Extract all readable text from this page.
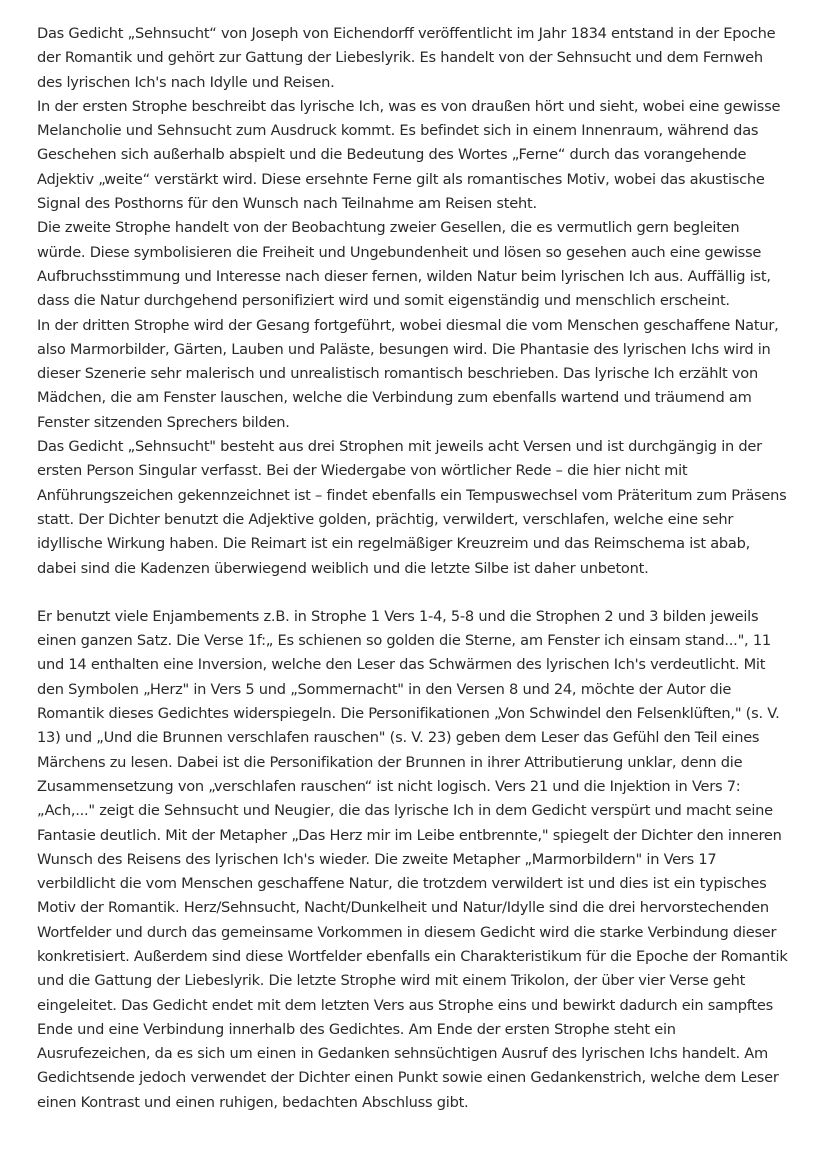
Das Gedicht „Sehnsucht“ von Joseph von Eichendorff veröffentlicht im Jahr 1834 entstand in der Epoche der Romantik und gehört zur Gattung der Liebeslyrik. Es handelt von der Sehnsucht und dem Fernweh des lyrischen Ich's nach Idylle und Reisen.

In der ersten Strophe beschreibt das lyrische Ich, was es von draußen hört und sieht, wobei eine gewisse Melancholie und Sehnsucht zum Ausdruck kommt. Es befindet sich in einem Innenraum, während das Geschehen sich außerhalb abspielt und die Bedeutung des Wortes „Ferne“ durch das vorangehende Adjektiv „weite“ verstärkt wird. Diese ersehnte Ferne gilt als romantisches Motiv, wobei das akustische Signal des Posthorns für den Wunsch nach Teilnahme am Reisen steht.

Die zweite Strophe handelt von der Beobachtung zweier Gesellen, die es vermutlich gern begleiten würde. Diese symbolisieren die Freiheit und Ungebundenheit und lösen so gesehen auch eine gewisse Aufbruchsstimmung und Interesse nach dieser fernen, wilden Natur beim lyrischen Ich aus. Auffällig ist, dass die Natur durchgehend personifiziert wird und somit eigenständig und menschlich erscheint.

In der dritten Strophe wird der Gesang fortgeführt, wobei diesmal die vom Menschen geschaffene Natur, also Marmorbilder, Gärten, Lauben und Paläste, besungen wird. Die Phantasie des lyrischen Ichs wird in dieser Szenerie sehr malerisch und unrealistisch romantisch beschrieben. Das lyrische Ich erzählt von Mädchen, die am Fenster lauschen, welche die Verbindung zum ebenfalls wartend und träumend am Fenster sitzenden Sprechers bilden.

Das Gedicht „Sehnsucht" besteht aus drei Strophen mit jeweils acht Versen und ist durchgängig in der ersten Person Singular verfasst. Bei der Wiedergabe von wörtlicher Rede – die hier nicht mit Anführungszeichen gekennzeichnet ist – findet ebenfalls ein Tempuswechsel vom Präteritum zum Präsens statt. Der Dichter benutzt die Adjektive golden, prächtig, verwildert, verschlafen, welche eine sehr idyllische Wirkung haben. Die Reimart ist ein regelmäßiger Kreuzreim und das Reimschema ist abab, dabei sind die Kadenzen überwiegend weiblich und die letzte Silbe ist daher unbetont.

Er benutzt viele Enjambements z.B. in Strophe 1 Vers 1-4, 5-8 und die Strophen 2 und 3 bilden jeweils einen ganzen Satz. Die Verse 1f:„ Es schienen so golden die Sterne, am Fenster ich einsam stand...", 11 und 14 enthalten eine Inversion, welche den Leser das Schwärmen des lyrischen Ich's verdeutlicht. Mit den Symbolen „Herz" in Vers 5 und „Sommernacht" in den Versen 8 und 24, möchte der Autor die Romantik dieses Gedichtes widerspiegeln. Die Personifikationen „Von Schwindel den Felsenklüften," (s. V. 13) und „Und die Brunnen verschlafen rauschen" (s. V. 23) geben dem Leser das Gefühl den Teil eines Märchens zu lesen. Dabei ist die Personifikation der Brunnen in ihrer Attributierung unklar, denn die Zusammensetzung von „verschlafen rauschen“ ist nicht logisch. Vers 21 und die Injektion in Vers 7: „Ach,..." zeigt die Sehnsucht und Neugier, die das lyrische Ich in dem Gedicht verspürt und macht seine Fantasie deutlich. Mit der Metapher „Das Herz mir im Leibe entbrennte," spiegelt der Dichter den inneren Wunsch des Reisens des lyrischen Ich's wieder. Die zweite Metapher „Marmorbildern" in Vers 17 verbildlicht die vom Menschen geschaffene Natur, die trotzdem verwildert ist und dies ist ein typisches Motiv der Romantik. Herz/Sehnsucht, Nacht/Dunkelheit und Natur/Idylle sind die drei hervorstechenden Wortfelder und durch das gemeinsame Vorkommen in diesem Gedicht wird die starke Verbindung dieser konkretisiert. Außerdem sind diese Wortfelder ebenfalls ein Charakteristikum für die Epoche der Romantik und die Gattung der Liebeslyrik. Die letzte Strophe wird mit einem Trikolon, der über vier Verse geht eingeleitet. Das Gedicht endet mit dem letzten Vers aus Strophe eins und bewirkt dadurch ein sampftes Ende und eine Verbindung innerhalb des Gedichtes. Am Ende der ersten Strophe steht ein Ausrufezeichen, da es sich um einen in Gedanken sehnsüchtigen Ausruf des lyrischen Ichs handelt. Am Gedichtsende jedoch verwendet der Dichter einen Punkt sowie einen Gedankenstrich, welche dem Leser einen Kontrast und einen ruhigen, bedachten Abschluss gibt.
